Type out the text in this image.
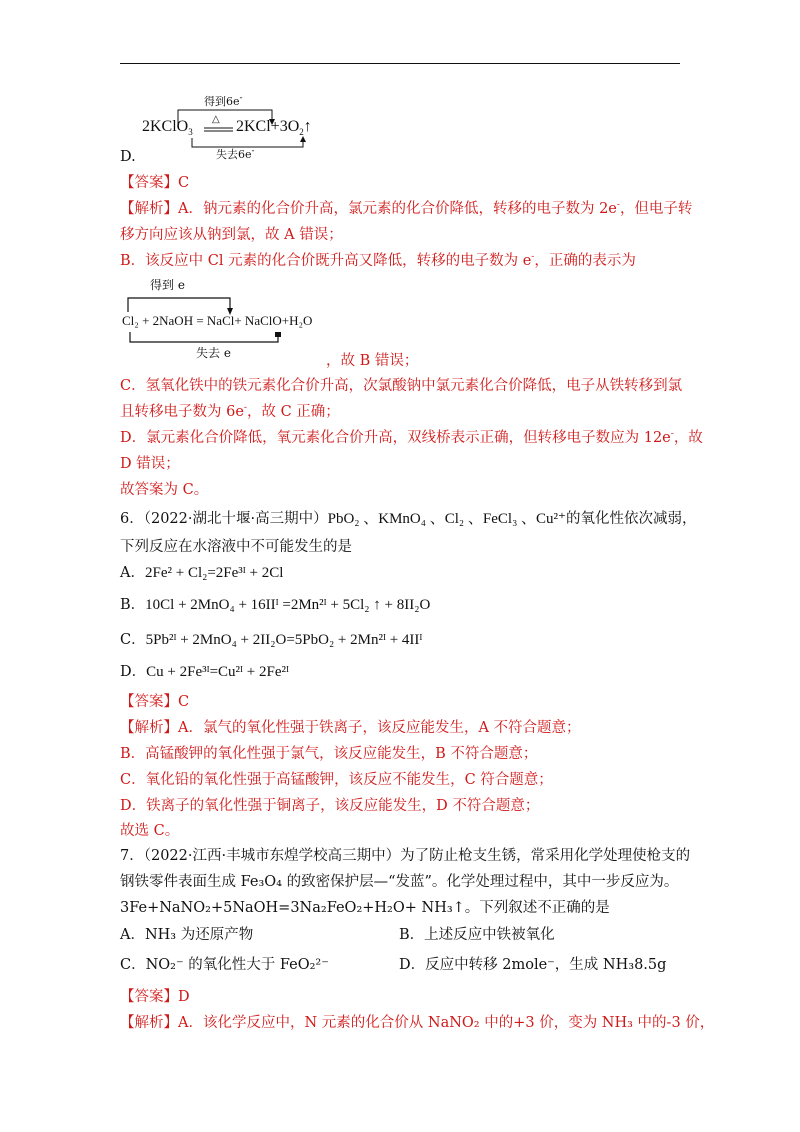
得到6e-
失去6e-
△
2KClO$_3$	$2KCl+3O_2↑$
D.
【答案】C
【解析】A．钠元素的化合价升高，氯元素的化合价降低，转移的电子数为 2e-，但电子转
移方向应该从钠到氯，故 A 错误；
B．该反应中 Cl 元素的化合价既升高又降低，转移的电子数为 e-，正确的表示为
得到 e
失去 e
Cl₂ + 2NaOH = NaCl+ NaClO+H₂O
，故 B 错误；
C．氢氧化铁中的铁元素化合价升高，次氯酸钠中氯元素化合价降低，电子从铁转移到氯
且转移电子数为 6e-，故 C 正确；
D．氯元素化合价降低，氧元素化合价升高，双线桥表示正确，但转移电子数应为 12e-，故
D 错误；
故答案为 C。
6．（2022·湖北十堰·高三期中）PbO₂ 、KMnO₄ 、Cl₂ 、FeCl₃ 、Cu²⁺的氧化性依次减弱，
下列反应在水溶液中不可能发生的是
A．2Fe² + Cl₂=2Fe³ᴵ + 2Cl
B．10Cl + 2MnO₄ + 16IIᴵ =2Mn²ᴵ + 5Cl₂ ↑ + 8II₂O
C．5Pb²ᴵ + 2MnO₄ + 2II₂O=5PbO₂ + 2Mn²ᴵ + 4IIᴵ
D．Cu + 2Fe³ᴵ=Cu²ᴵ + 2Fe²ᴵ
【答案】C
【解析】A．氯气的氧化性强于铁离子，该反应能发生，A 不符合题意；
B．高锰酸钾的氧化性强于氯气，该反应能发生，B 不符合题意；
C．氧化铅的氧化性强于高锰酸钾，该反应不能发生，C 符合题意；
D．铁离子的氧化性强于铜离子，该反应能发生，D 不符合题意；
故选 C。
7．（2022·江西·丰城市东煌学校高三期中）为了防止枪支生锈，常采用化学处理使枪支的
钢铁零件表面生成 Fe₃O₄ 的致密保护层—“发蓝”。化学处理过程中，其中一步反应为。
3Fe+NaNO₂+5NaOH=3Na₂FeO₂+H₂O+ NH₃↑。下列叙述不正确的是
A．NH₃ 为还原产物	B．上述反应中铁被氧化
C．NO₂⁻ 的氧化性大于 FeO₂²⁻	D．反应中转移 2mole⁻，生成 NH₃8.5g
【答案】D
【解析】A．该化学反应中，N 元素的化合价从 NaNO₂ 中的+3 价，变为 NH₃ 中的-3 价，
